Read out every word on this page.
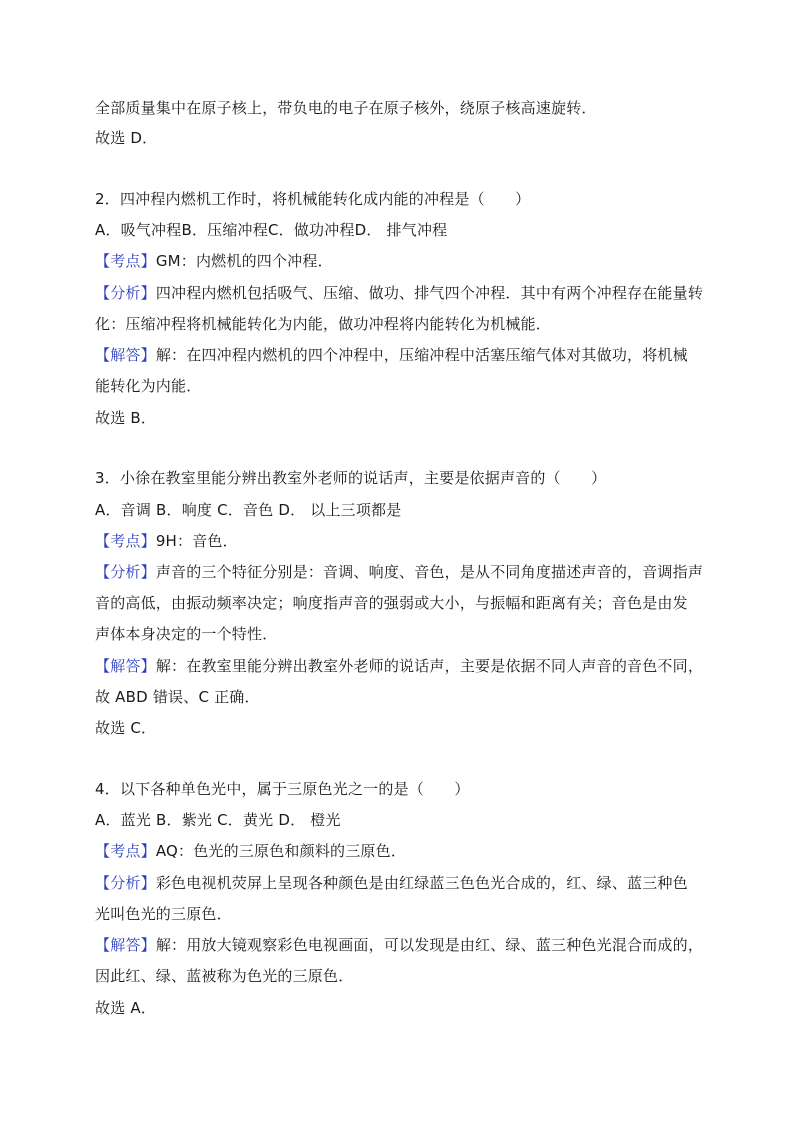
全部质量集中在原子核上，带负电的电子在原子核外，绕原子核高速旋转．
故选 D．
2．四冲程内燃机工作时，将机械能转化成内能的冲程是（　　）
A．吸气冲程B．压缩冲程C．做功冲程D． 排气冲程
【考点】GM：内燃机的四个冲程．
【分析】四冲程内燃机包括吸气、压缩、做功、排气四个冲程．其中有两个冲程存在能量转
化：压缩冲程将机械能转化为内能，做功冲程将内能转化为机械能．
【解答】解：在四冲程内燃机的四个冲程中，压缩冲程中活塞压缩气体对其做功，将机械
能转化为内能．
故选 B．
3．小徐在教室里能分辨出教室外老师的说话声，主要是依据声音的（　　）
A．音调 B．响度 C．音色 D． 以上三项都是
【考点】9H：音色．
【分析】声音的三个特征分别是：音调、响度、音色，是从不同角度描述声音的，音调指声
音的高低，由振动频率决定；响度指声音的强弱或大小，与振幅和距离有关；音色是由发
声体本身决定的一个特性．
【解答】解：在教室里能分辨出教室外老师的说话声，主要是依据不同人声音的音色不同，
故 ABD 错误、C 正确．
故选 C．
4．以下各种单色光中，属于三原色光之一的是（　　）
A．蓝光 B．紫光 C．黄光 D． 橙光
【考点】AQ：色光的三原色和颜料的三原色．
【分析】彩色电视机荧屏上呈现各种颜色是由红绿蓝三色色光合成的，红、绿、蓝三种色
光叫色光的三原色．
【解答】解：用放大镜观察彩色电视画面，可以发现是由红、绿、蓝三种色光混合而成的，
因此红、绿、蓝被称为色光的三原色．
故选 A．
